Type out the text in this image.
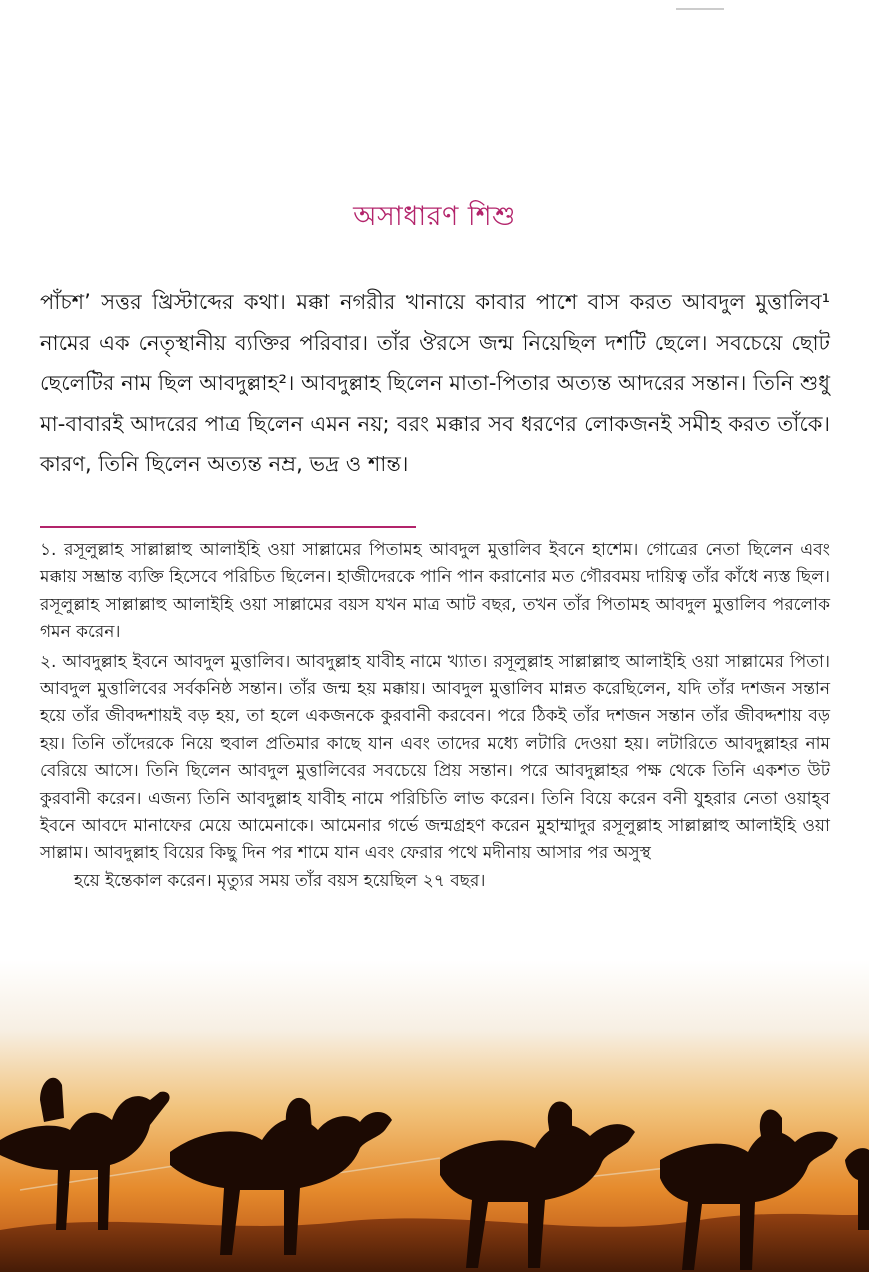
অসাধারণ শিশু

পাঁচশ’ সত্তর খ্রিস্টাব্দের কথা। মক্কা নগরীর খানায়ে কাবার পাশে বাস করত আবদুল মুত্তালিব¹ নামের এক নেতৃস্থানীয় ব্যক্তির পরিবার। তাঁর ঔরসে জন্ম নিয়েছিল দশটি ছেলে। সবচেয়ে ছোট ছেলেটির নাম ছিল আবদুল্লাহ²। আবদুল্লাহ ছিলেন মাতা-পিতার অত্যন্ত আদরের সন্তান। তিনি শুধু মা-বাবারই আদরের পাত্র ছিলেন এমন নয়; বরং মক্কার সব ধরণের লোকজনই সমীহ করত তাঁকে। কারণ, তিনি ছিলেন অত্যন্ত নম্র, ভদ্র ও শান্ত।

১. রসূলুল্লাহ সাল্লাল্লাহু আলাইহি ওয়া সাল্লামের পিতামহ আবদুল মুত্তালিব ইবনে হাশেম। গোত্রের নেতা ছিলেন এবং মক্কায় সম্ভ্রান্ত ব্যক্তি হিসেবে পরিচিত ছিলেন। হাজীদেরকে পানি পান করানোর মত গৌরবময় দায়িত্ব তাঁর কাঁধে ন্যস্ত ছিল। রসূলুল্লাহ সাল্লাল্লাহু আলাইহি ওয়া সাল্লামের বয়স যখন মাত্র আট বছর, তখন তাঁর পিতামহ আবদুল মুত্তালিব পরলোক গমন করেন।

২. আবদুল্লাহ ইবনে আবদুল মুত্তালিব। আবদুল্লাহ যাবীহ নামে খ্যাত। রসূলুল্লাহ সাল্লাল্লাহু আলাইহি ওয়া সাল্লামের পিতা। আবদুল মুত্তালিবের সর্বকনিষ্ঠ সন্তান। তাঁর জন্ম হয় মক্কায়। আবদুল মুত্তালিব মান্নত করেছিলেন, যদি তাঁর দশজন সন্তান হয়ে তাঁর জীবদ্দশায়ই বড় হয়, তা হলে একজনকে কুরবানী করবেন। পরে ঠিকই তাঁর দশজন সন্তান তাঁর জীবদ্দশায় বড় হয়। তিনি তাঁদেরকে নিয়ে হুবাল প্রতিমার কাছে যান এবং তাদের মধ্যে লটারি দেওয়া হয়। লটারিতে আবদুল্লাহর নাম বেরিয়ে আসে। তিনি ছিলেন আবদুল মুত্তালিবের সবচেয়ে প্রিয় সন্তান। পরে আবদুল্লাহর পক্ষ থেকে তিনি একশত উট কুরবানী করেন। এজন্য তিনি আবদুল্লাহ যাবীহ নামে পরিচিতি লাভ করেন। তিনি বিয়ে করেন বনী যুহরার নেতা ওয়াহ্‌ব ইবনে আবদে মানাফের মেয়ে আমেনাকে। আমেনার গর্ভে জন্মগ্রহণ করেন মুহাম্মাদুর রসূলুল্লাহ সাল্লাল্লাহু আলাইহি ওয়া সাল্লাম। আবদুল্লাহ বিয়ের কিছু দিন পর শামে যান এবং ফেরার পথে মদীনায় আসার পর অসুস্থ
হয়ে ইন্তেকাল করেন। মৃত্যুর সময় তাঁর বয়স হয়েছিল ২৭ বছর।
